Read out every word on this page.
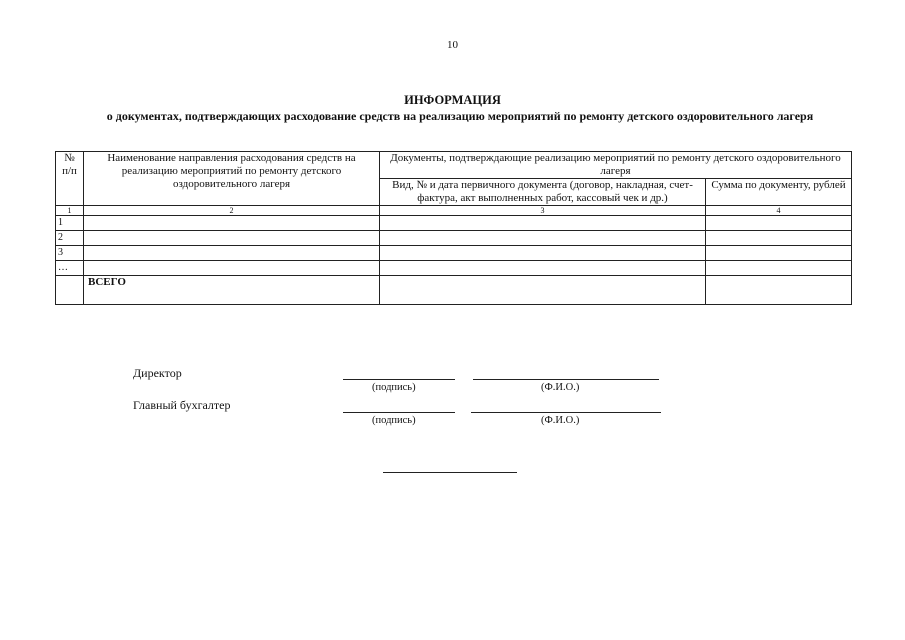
10
ИНФОРМАЦИЯ
о документах, подтверждающих расходование средств на реализацию мероприятий по ремонту детского оздоровительного лагеря
№ п/п	Наименование направления расходования средств на реализацию мероприятий по ремонту детского оздоровительного лагеря	Документы, подтверждающие реализацию мероприятий по ремонту детского оздоровительного лагеря	
		Вид, № и дата первичного документа (договор, накладная, счет-фактура, акт выполненных работ, кассовый чек и др.)	Сумма по документу, рублей
1	2	3	4
1			
2			
3			
…			
	ВСЕГО		
Директор
(подпись)	(Ф.И.О.)
Главный бухгалтер
(подпись)	(Ф.И.О.)
